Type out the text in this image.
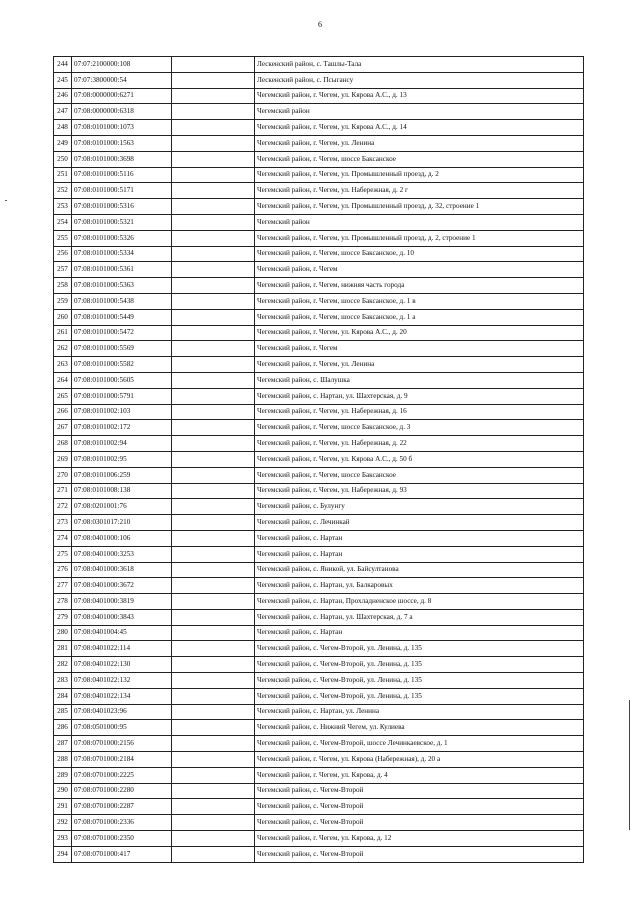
6
244	07:07:2100000:108		Лескенский район, с. Ташлы-Тала
245	07:07:3800000:54		Лескенский район, с. Псыгансу
246	07:08:0000000:6271		Чегемский район, г. Чегем, ул. Кярова А.С., д. 13
247	07:08:0000000:6318		Чегемский район
248	07:08:0101000:1073		Чегемский район, г. Чегем, ул. Кярова А.С., д. 14
249	07:08:0101000:1563		Чегемский район, г. Чегем, ул. Ленина
250	07:08:0101000:3698		Чегемский район, г. Чегем, шоссе Баксанское
251	07:08:0101000:5116		Чегемский район, г. Чегем, ул. Промышленный проезд, д. 2
252	07:08:0101000:5171		Чегемский район, г. Чегем, ул. Набережная, д. 2 г
253	07:08:0101000:5316		Чегемский район, г. Чегем, ул. Промышленный проезд, д. 32, строение 1
254	07:08:0101000:5321		Чегемский район
255	07:08:0101000:5326		Чегемский район, г. Чегем, ул. Промышленный проезд, д. 2, строение 1
256	07:08:0101000:5334		Чегемский район, г. Чегем, шоссе Баксанское, д. 10
257	07:08:0101000:5361		Чегемский район, г. Чегем
258	07:08:0101000:5363		Чегемский район, г. Чегем, нижняя часть города
259	07:08:0101000:5438		Чегемский район, г. Чегем, шоссе Баксанское, д. 1 в
260	07:08:0101000:5449		Чегемский район, г. Чегем, шоссе Баксанское, д. 1 а
261	07:08:0101000:5472		Чегемский район, г. Чегем, ул. Кярова А.С., д. 20
262	07:08:0101000:5569		Чегемский район, г. Чегем
263	07:08:0101000:5582		Чегемский район, г. Чегем, ул. Ленина
264	07:08:0101000:5605		Чегемский район, с. Шалушка
265	07:08:0101000:5791		Чегемский район, с. Нартан, ул. Шахтерская, д. 9
266	07:08:0101002:103		Чегемский район, г. Чегем, ул. Набережная, д. 16
267	07:08:0101002:172		Чегемский район, г. Чегем, шоссе Баксанское, д. 3
268	07:08:0101002:94		Чегемский район, г. Чегем, ул. Набережная, д. 22
269	07:08:0101002:95		Чегемский район, г. Чегем, ул. Кярова А.С., д. 50 б
270	07:08:0101006:259		Чегемский район, г. Чегем, шоссе Баксанское
271	07:08:0101008:138		Чегемский район, г. Чегем, ул. Набережная, д. 93
272	07:08:0201001:76		Чегемский район, с. Булунгу
273	07:08:0301017:210		Чегемский район, с. Лечинкай
274	07:08:0401000:106		Чегемский район, с. Нартан
275	07:08:0401000:3253		Чегемский район, с. Нартан
276	07:08:0401000:3618		Чегемский район, с. Яникой, ул. Байсултанова
277	07:08:0401000:3672		Чегемский район, с. Нартан, ул. Балкаровых
278	07:08:0401000:3819		Чегемский район, с. Нартан, Прохладненское шоссе, д. 8
279	07:08:0401000:3843		Чегемский район, с. Нартан, ул. Шахтерская, д. 7 а
280	07:08:0401004:45		Чегемский район, с. Нартан
281	07:08:0401022:114		Чегемский район, с. Чегем-Второй, ул. Ленина, д. 135
282	07:08:0401022:130		Чегемский район, с. Чегем-Второй, ул. Ленина, д. 135
283	07:08:0401022:132		Чегемский район, с. Чегем-Второй, ул. Ленина, д. 135
284	07:08:0401022:134		Чегемский район, с. Чегем-Второй, ул. Ленина, д. 135
285	07:08:0401023:96		Чегемский район, с. Нартан, ул. Ленина
286	07:08:0501000:95		Чегемский район, с. Нижний Чегем, ул. Кулиева
287	07:08:0701000:2156		Чегемский район, с. Чегем-Второй, шоссе Лечинкаевское, д. 1
288	07:08:0701000:2184		Чегемский район, г. Чегем, ул. Кярова (Набережная), д. 20 а
289	07:08:0701000:2225		Чегемский район, г. Чегем, ул. Кярова, д. 4
290	07:08:0701000:2280		Чегемский район, с. Чегем-Второй
291	07:08:0701000:2287		Чегемский район, с. Чегем-Второй
292	07:08:0701000:2336		Чегемский район, с. Чегем-Второй
293	07:08:0701000:2350		Чегемский район, г. Чегем, ул. Кярова, д. 12
294	07:08:0701000:417		Чегемский район, с. Чегем-Второй
